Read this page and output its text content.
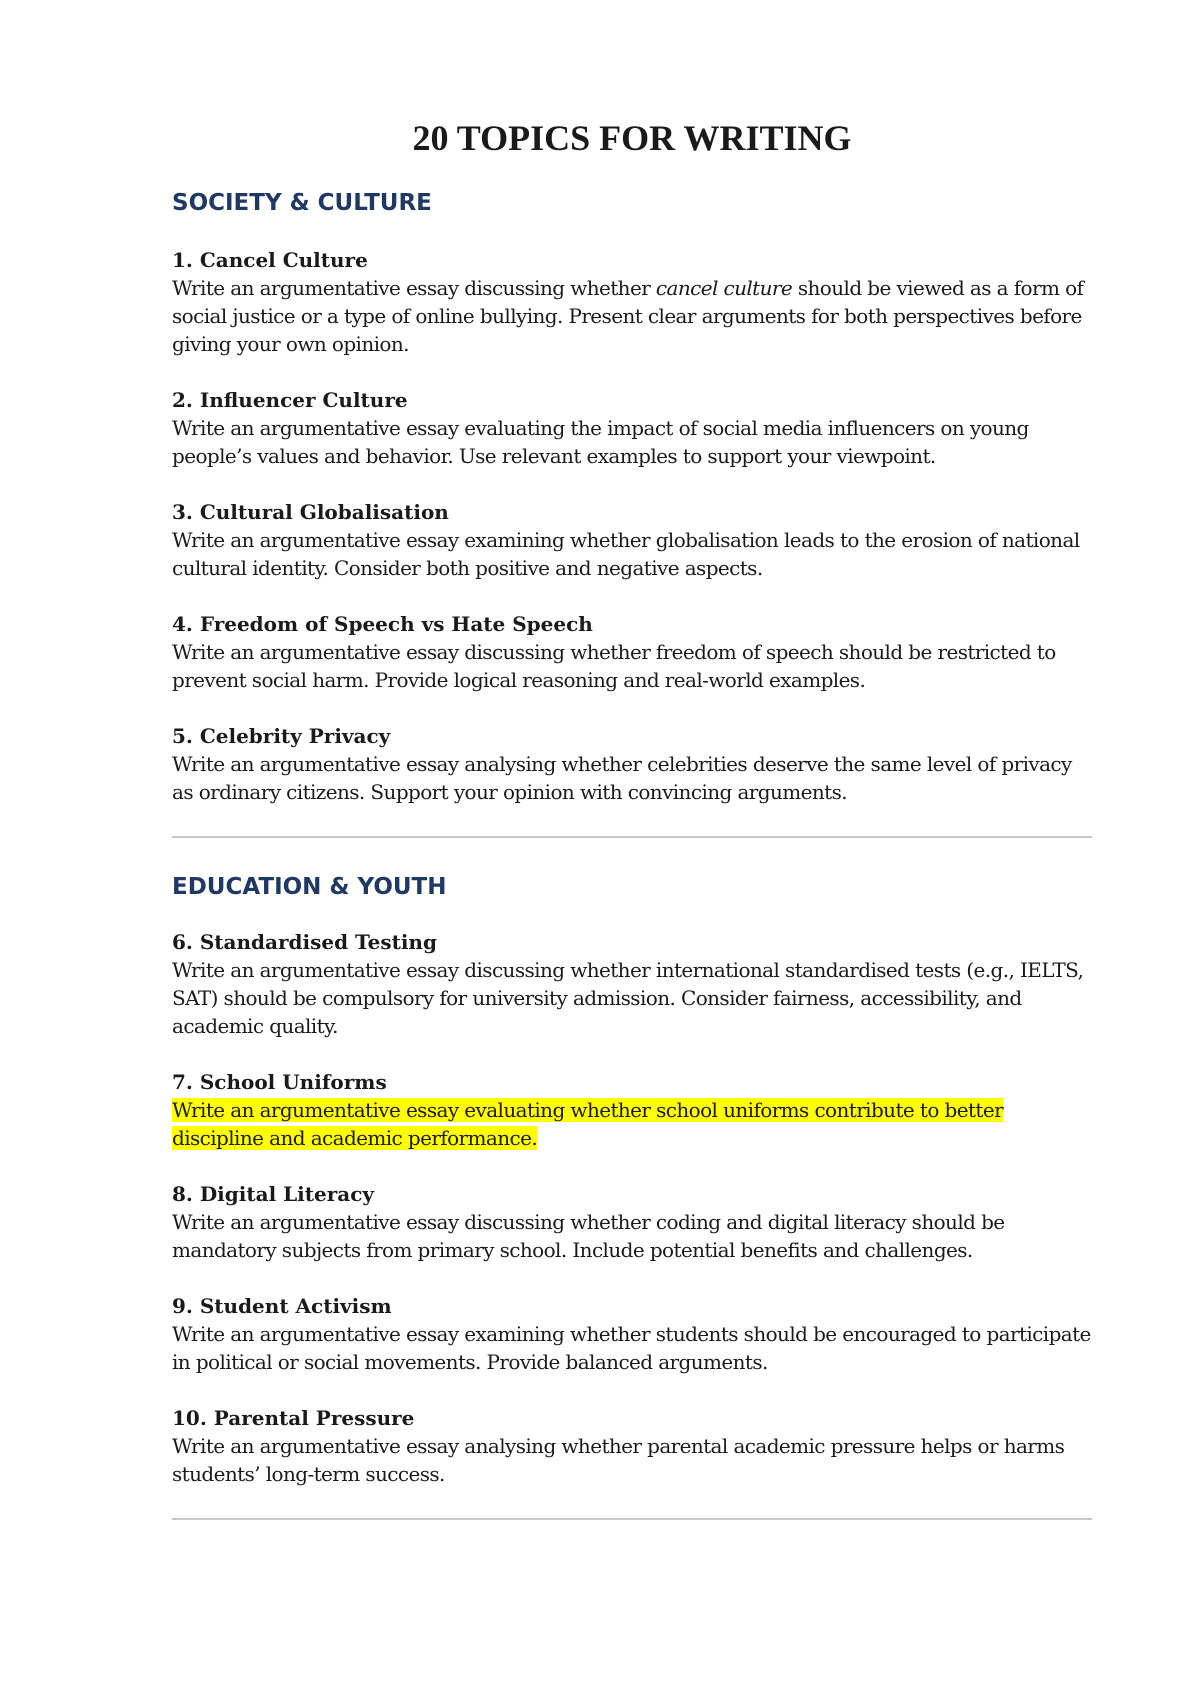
20 TOPICS FOR WRITING
SOCIETY & CULTURE

1. Cancel Culture

Write an argumentative essay discussing whether cancel culture should be viewed as a form of social justice or a type of online bullying. Present clear arguments for both perspectives before giving your own opinion.

2. Influencer Culture

Write an argumentative essay evaluating the impact of social media influencers on young people’s values and behavior. Use relevant examples to support your viewpoint.

3. Cultural Globalisation

Write an argumentative essay examining whether globalisation leads to the erosion of national cultural identity. Consider both positive and negative aspects.

4. Freedom of Speech vs Hate Speech

Write an argumentative essay discussing whether freedom of speech should be restricted to prevent social harm. Provide logical reasoning and real-world examples.

5. Celebrity Privacy

Write an argumentative essay analysing whether celebrities deserve the same level of privacy as ordinary citizens. Support your opinion with convincing arguments.

EDUCATION & YOUTH

6. Standardised Testing

Write an argumentative essay discussing whether international standardised tests (e.g., IELTS, SAT) should be compulsory for university admission. Consider fairness, accessibility, and academic quality.

7. School Uniforms

Write an argumentative essay evaluating whether school uniforms contribute to better discipline and academic performance.

8. Digital Literacy

Write an argumentative essay discussing whether coding and digital literacy should be mandatory subjects from primary school. Include potential benefits and challenges.

9. Student Activism

Write an argumentative essay examining whether students should be encouraged to participate in political or social movements. Provide balanced arguments.

10. Parental Pressure

Write an argumentative essay analysing whether parental academic pressure helps or harms students’ long-term success.
